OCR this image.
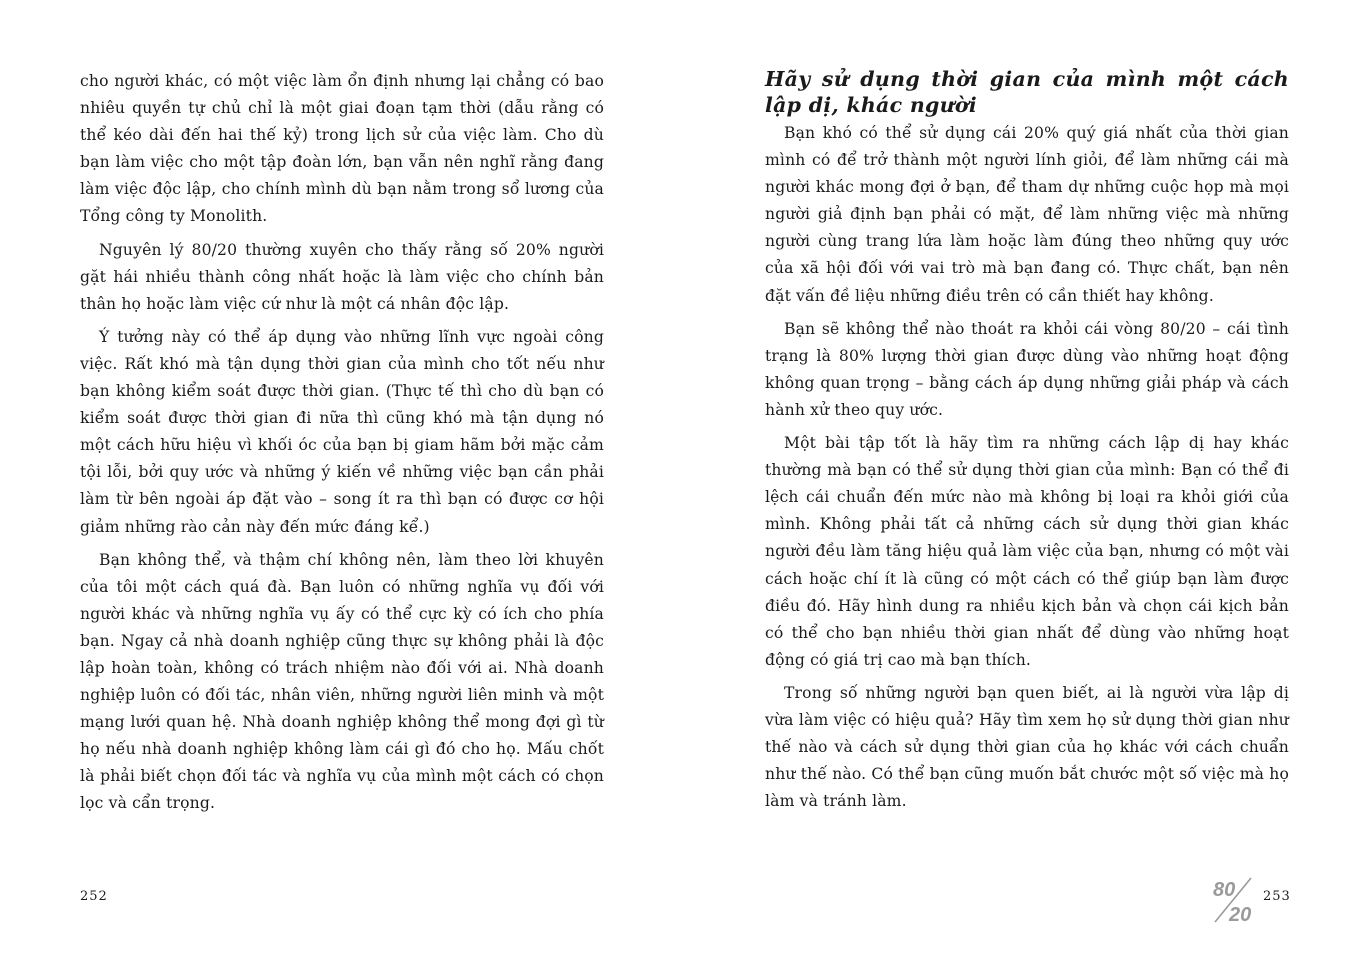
cho người khác, có một việc làm ổn định nhưng lại chẳng có bao nhiêu quyền tự chủ chỉ là một giai đoạn tạm thời (dẫu rằng có thể kéo dài đến hai thế kỷ) trong lịch sử của việc làm. Cho dù bạn làm việc cho một tập đoàn lớn, bạn vẫn nên nghĩ rằng đang làm việc độc lập, cho chính mình dù bạn nằm trong sổ lương của Tổng công ty Monolith.

Nguyên lý 80/20 thường xuyên cho thấy rằng số 20% người gặt hái nhiều thành công nhất hoặc là làm việc cho chính bản thân họ hoặc làm việc cứ như là một cá nhân độc lập.

Ý tưởng này có thể áp dụng vào những lĩnh vực ngoài công việc. Rất khó mà tận dụng thời gian của mình cho tốt nếu như bạn không kiểm soát được thời gian. (Thực tế thì cho dù bạn có kiểm soát được thời gian đi nữa thì cũng khó mà tận dụng nó một cách hữu hiệu vì khối óc của bạn bị giam hãm bởi mặc cảm tội lỗi, bởi quy ước và những ý kiến về những việc bạn cần phải làm từ bên ngoài áp đặt vào – song ít ra thì bạn có được cơ hội giảm những rào cản này đến mức đáng kể.)

Bạn không thể, và thậm chí không nên, làm theo lời khuyên của tôi một cách quá đà. Bạn luôn có những nghĩa vụ đối với người khác và những nghĩa vụ ấy có thể cực kỳ có ích cho phía bạn. Ngay cả nhà doanh nghiệp cũng thực sự không phải là độc lập hoàn toàn, không có trách nhiệm nào đối với ai. Nhà doanh nghiệp luôn có đối tác, nhân viên, những người liên minh và một mạng lưới quan hệ. Nhà doanh nghiệp không thể mong đợi gì từ họ nếu nhà doanh nghiệp không làm cái gì đó cho họ. Mấu chốt là phải biết chọn đối tác và nghĩa vụ của mình một cách có chọn lọc và cẩn trọng.

252
Hãy sử dụng thời gian của mình một cách lập dị, khác người

Bạn khó có thể sử dụng cái 20% quý giá nhất của thời gian mình có để trở thành một người lính giỏi, để làm những cái mà người khác mong đợi ở bạn, để tham dự những cuộc họp mà mọi người giả định bạn phải có mặt, để làm những việc mà những người cùng trang lứa làm hoặc làm đúng theo những quy ước của xã hội đối với vai trò mà bạn đang có. Thực chất, bạn nên đặt vấn đề liệu những điều trên có cần thiết hay không.

Bạn sẽ không thể nào thoát ra khỏi cái vòng 80/20 – cái tình trạng là 80% lượng thời gian được dùng vào những hoạt động không quan trọng – bằng cách áp dụng những giải pháp và cách hành xử theo quy ước.

Một bài tập tốt là hãy tìm ra những cách lập dị hay khác thường mà bạn có thể sử dụng thời gian của mình: Bạn có thể đi lệch cái chuẩn đến mức nào mà không bị loại ra khỏi giới của mình. Không phải tất cả những cách sử dụng thời gian khác người đều làm tăng hiệu quả làm việc của bạn, nhưng có một vài cách hoặc chí ít là cũng có một cách có thể giúp bạn làm được điều đó. Hãy hình dung ra nhiều kịch bản và chọn cái kịch bản có thể cho bạn nhiều thời gian nhất để dùng vào những hoạt động có giá trị cao mà bạn thích.

Trong số những người bạn quen biết, ai là người vừa lập dị vừa làm việc có hiệu quả? Hãy tìm xem họ sử dụng thời gian như thế nào và cách sử dụng thời gian của họ khác với cách chuẩn như thế nào. Có thể bạn cũng muốn bắt chước một số việc mà họ làm và tránh làm.

80
20
253
